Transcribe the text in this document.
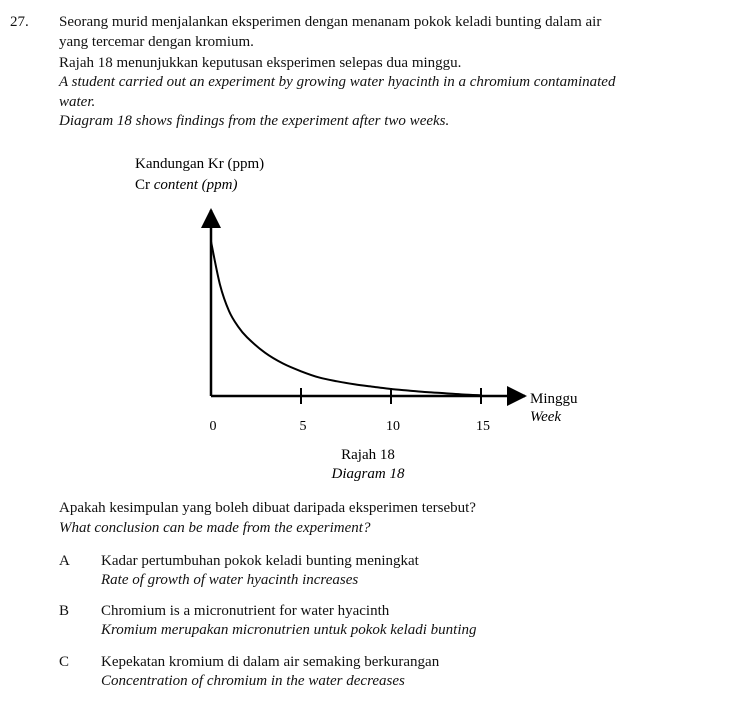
27. Seorang murid menjalankan eksperimen dengan menanam pokok keladi bunting dalam air
yang tercemar dengan kromium.
Rajah 18 menunjukkan keputusan eksperimen selepas dua minggu.
A student carried out an experiment by growing water hyacinth in a chromium contaminated
water.
Diagram 18 shows findings from the experiment after two weeks.
Kandungan Kr (ppm)
Cr content (ppm)
0	5	10	15
Minggu
Week
Rajah 18
Diagram 18
Apakah kesimpulan yang boleh dibuat daripada eksperimen tersebut?
What conclusion can be made from the experiment?
A Kadar pertumbuhan pokok keladi bunting meningkat
Rate of growth of water hyacinth increases
B Chromium is a micronutrient for water hyacinth
Kromium merupakan micronutrien untuk pokok keladi bunting
C Kepekatan kromium di dalam air semaking berkurangan
Concentration of chromium in the water decreases
